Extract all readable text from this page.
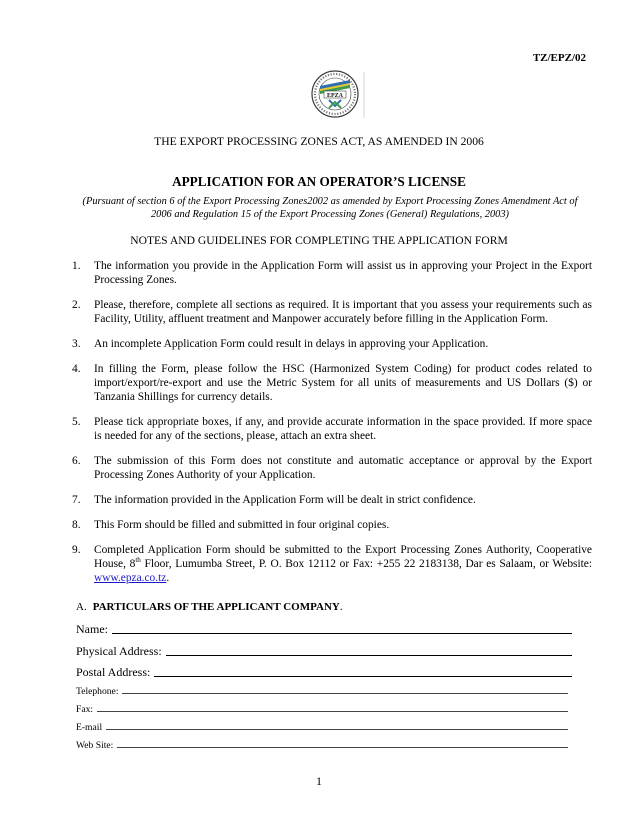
TZ/EPZ/02
EPZA
THE EXPORT PROCESSING ZONES ACT, AS AMENDED IN 2006
APPLICATION FOR AN OPERATOR’S LICENSE
(Pursuant of section 6 of the Export Processing Zones2002 as amended by Export Processing Zones Amendment Act of
2006 and Regulation 15 of the Export Processing Zones (General) Regulations, 2003)
NOTES AND GUIDELINES FOR COMPLETING THE APPLICATION FORM
1. The information you provide in the Application Form will assist us in approving your Project in the Export Processing Zones.
2. Please, therefore, complete all sections as required. It is important that you assess your requirements such as Facility, Utility, affluent treatment and Manpower accurately before filling in the Application Form.
3. An incomplete Application Form could result in delays in approving your Application.
4. In filling the Form, please follow the HSC (Harmonized System Coding) for product codes related to import/export/re-export and use the Metric System for all units of measurements and US Dollars ($) or Tanzania Shillings for currency details.
5. Please tick appropriate boxes, if any, and provide accurate information in the space provided. If more space is needed for any of the sections, please, attach an extra sheet.
6. The submission of this Form does not constitute and automatic acceptance or approval by the Export Processing Zones Authority of your Application.
7. The information provided in the Application Form will be dealt in strict confidence.
8. This Form should be filled and submitted in four original copies.
9. Completed Application Form should be submitted to the Export Processing Zones Authority, Cooperative House, 8th Floor, Lumumba Street, P. O. Box 12112 or Fax: +255 22 2183138, Dar es Salaam, or Website: www.epza.co.tz.
A. PARTICULARS OF THE APPLICANT COMPANY.
Name:
Physical Address:
Postal Address:
Telephone:
Fax:
E-mail
Web Site:
1
